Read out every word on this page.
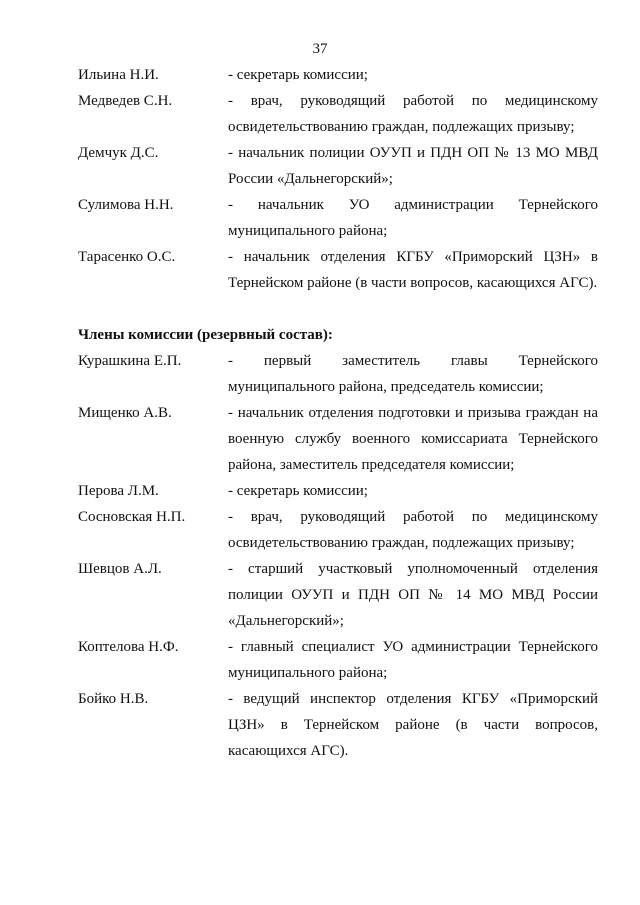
37
Ильина Н.И.	- секретарь комиссии;
Медведев С.Н.	- врач, руководящий работой по медицинскому освидетельствованию граждан, подлежащих призыву;
Демчук Д.С.	- начальник полиции ОУУП и ПДН ОП № 13 МО МВД России «Дальнегорский»;
Сулимова Н.Н.	- начальник УО администрации Тернейского муниципального района;
Тарасенко О.С.	- начальник отделения КГБУ «Приморский ЦЗН» в Тернейском районе (в части вопросов, касающихся АГС).
Члены комиссии (резервный состав):
Курашкина Е.П.	- первый заместитель главы Тернейского муниципального района, председатель комиссии;
Мищенко А.В.	- начальник отделения подготовки и призыва граждан на военную службу военного комиссариата Тернейского района, заместитель председателя комиссии;
Перова Л.М.	- секретарь комиссии;
Сосновская Н.П.	- врач, руководящий работой по медицинскому освидетельствованию граждан, подлежащих призыву;
Шевцов А.Л.	- старший участковый уполномоченный отделения полиции ОУУП и ПДН ОП № 14 МО МВД России «Дальнегорский»;
Коптелова Н.Ф.	- главный специалист УО администрации Тернейского муниципального района;
Бойко Н.В.	- ведущий инспектор отделения КГБУ «Приморский ЦЗН» в Тернейском районе (в части вопросов, касающихся АГС).
